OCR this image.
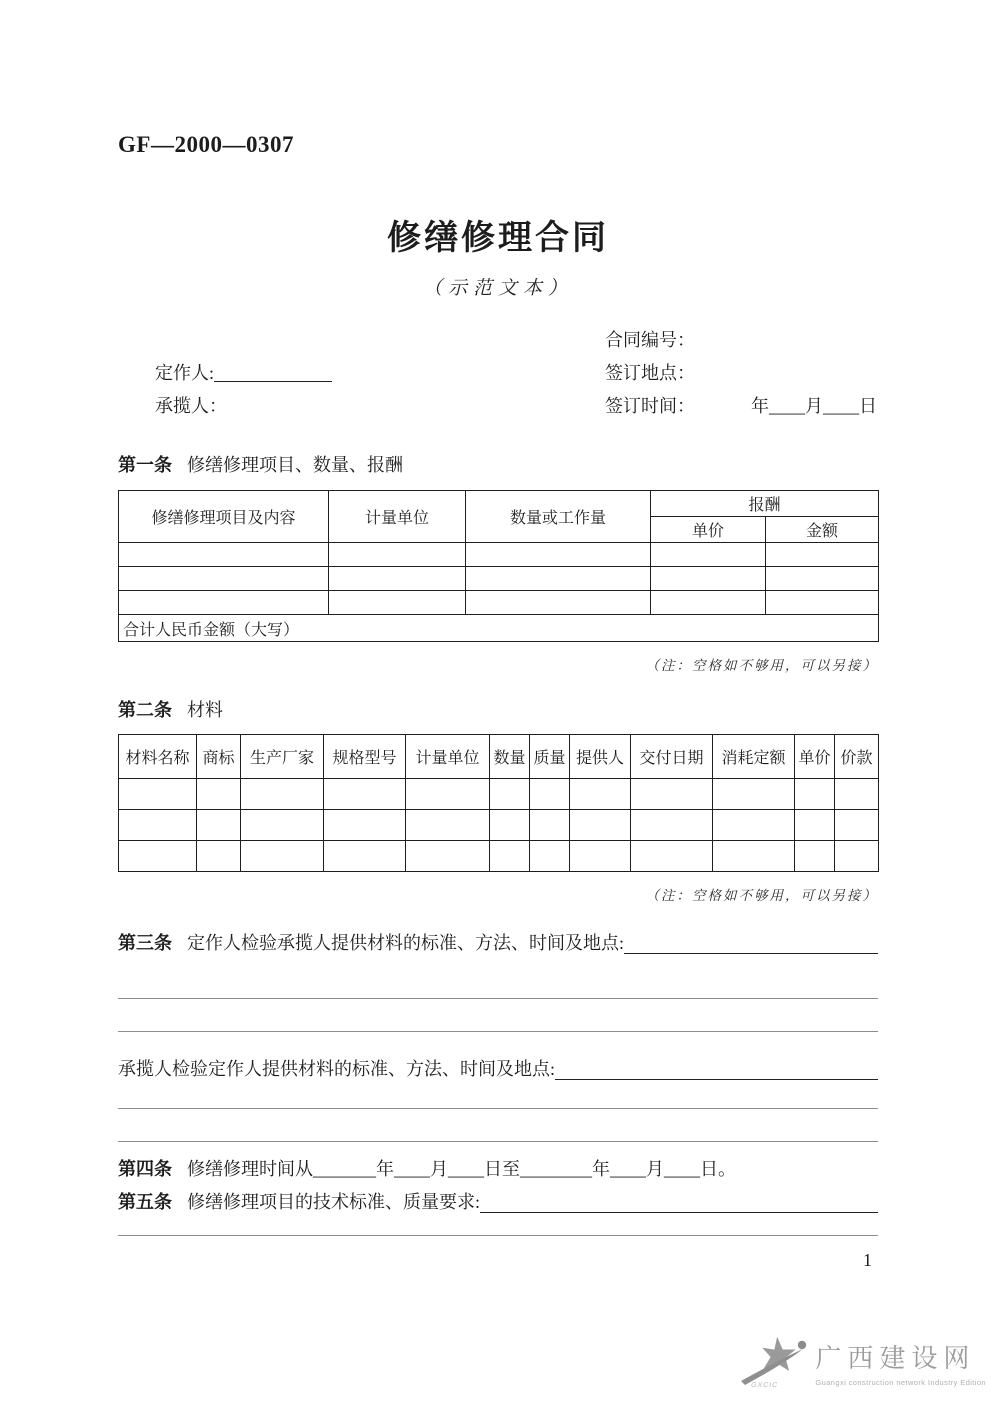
GF—2000—0307
修缮修理合同
（示范文本）
合同编号：
定作人:	签订地点：
承揽人：	签订时间：	年____月____日
第一条 修缮修理项目、数量、报酬
修缮修理项目及内容	计量单位	数量或工作量	报酬	
			单价	金额

合计人民币金额（大写）				
（注：空格如不够用，可以另接）
第二条 材料
材料名称	商标	生产厂家	规格型号	计量单位	数量	质量	提供人	交付日期	消耗定额	单价	价款

（注：空格如不够用，可以另接）
第三条 定作人检验承揽人提供材料的标准、方法、时间及地点:
承揽人检验定作人提供材料的标准、方法、时间及地点:
第四条 修缮修理时间从_______年____月____日至________年____月____日。
第五条 修缮修理项目的技术标准、质量要求:
1
GXCIC
广西建设网
Guangxi construction network Industry Edition
